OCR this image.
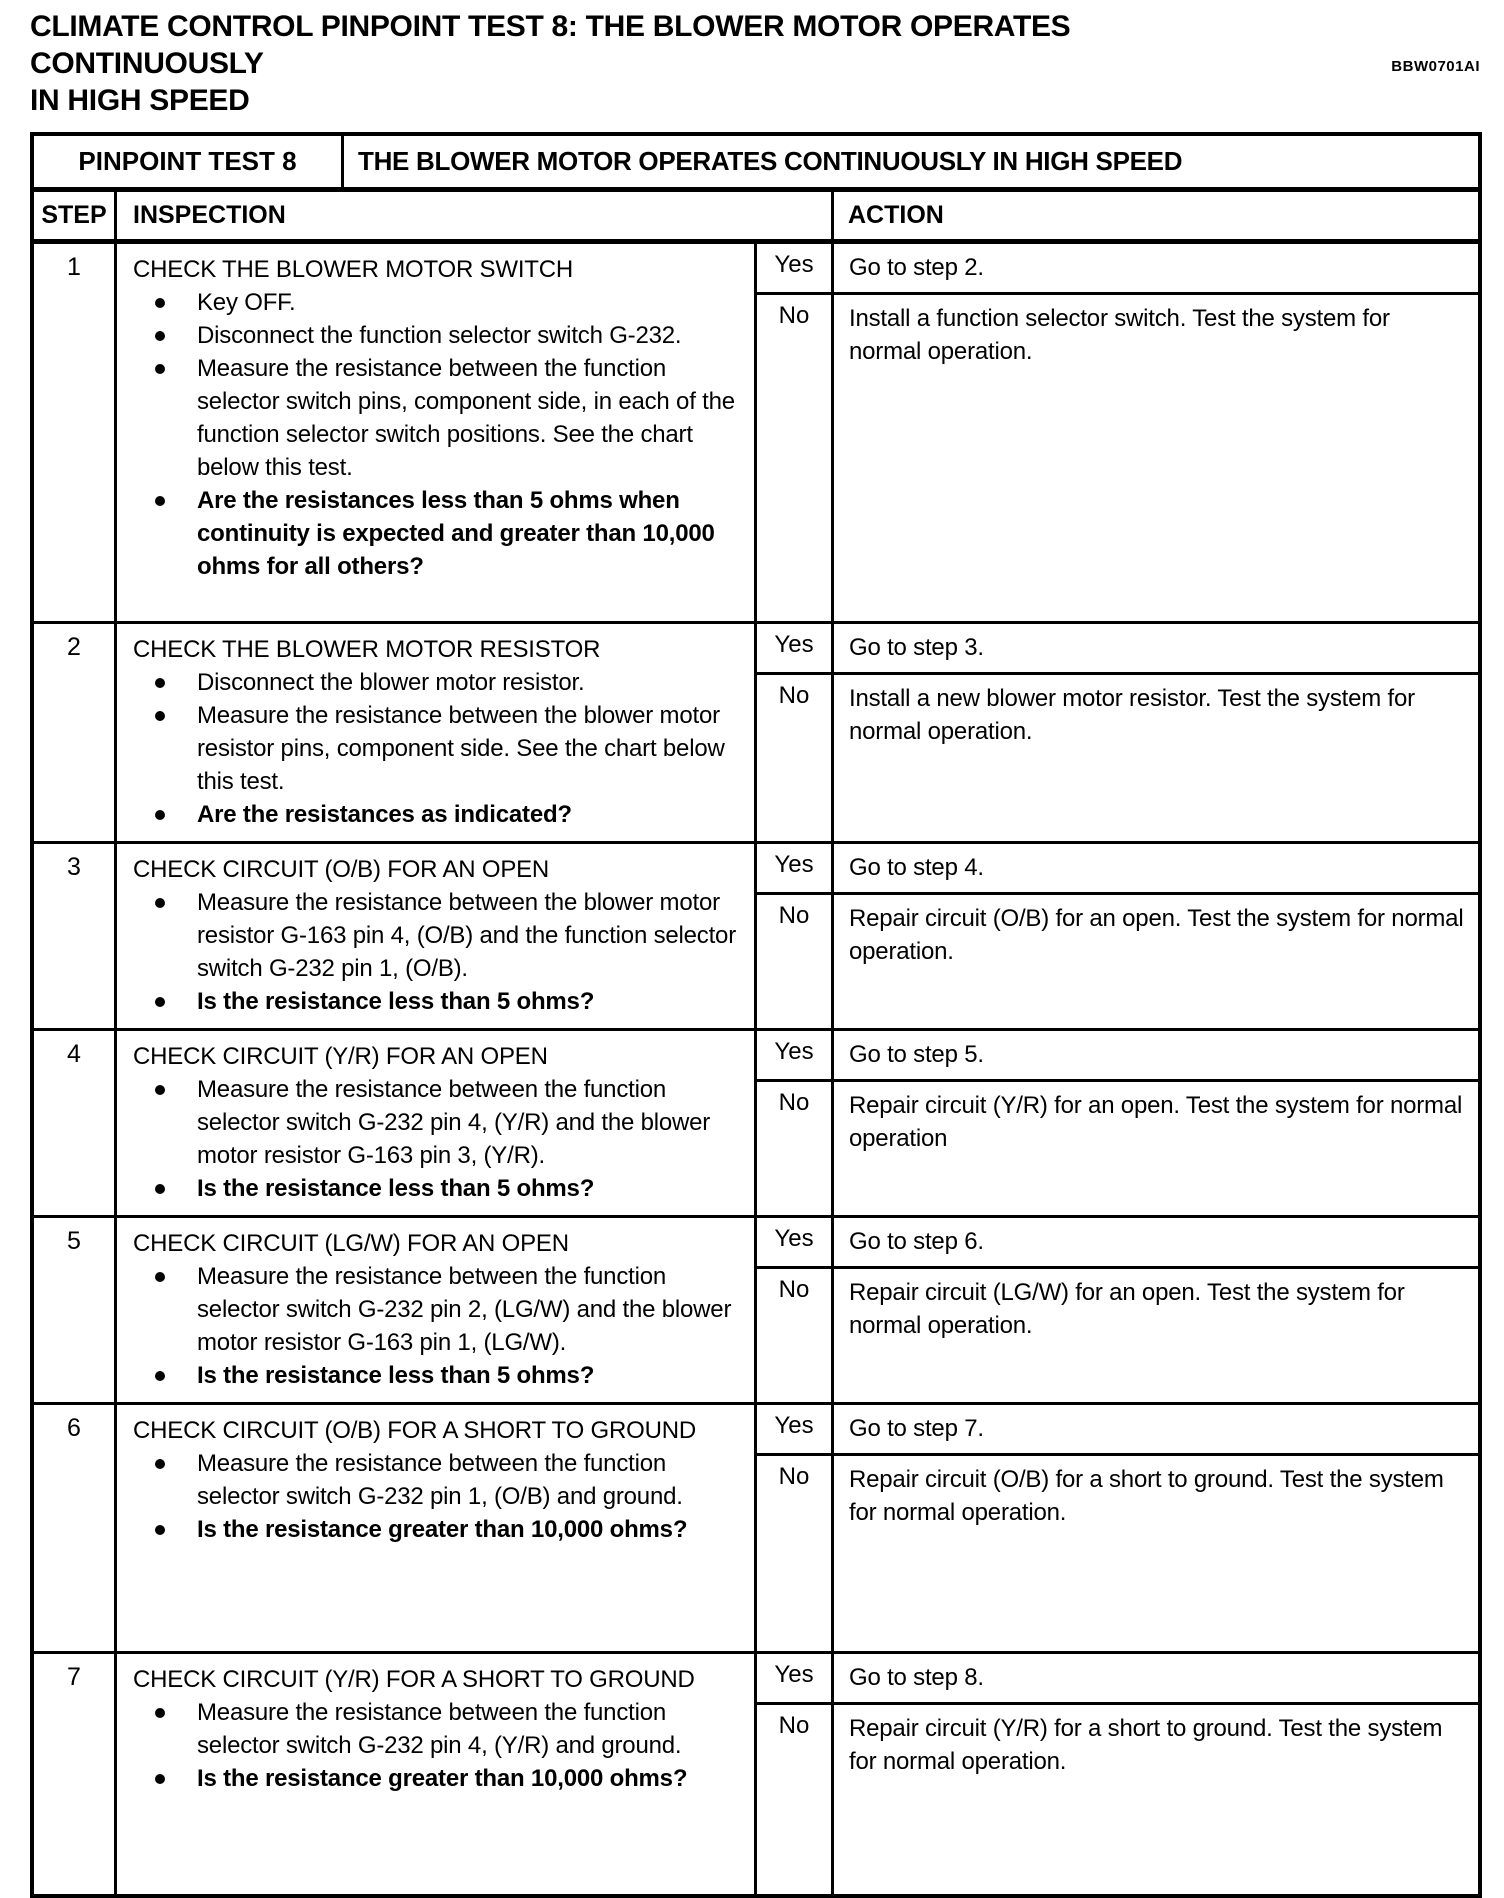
CLIMATE CONTROL PINPOINT TEST 8: THE BLOWER MOTOR OPERATES CONTINUOUSLY
IN HIGH SPEED
BBW0701AI
PINPOINT TEST 8	THE BLOWER MOTOR OPERATES CONTINUOUSLY IN HIGH SPEED
STEP	INSPECTION	ACTION
1	CHECK THE BLOWER MOTOR SWITCH
Key OFF.
Disconnect the function selector switch G-232.
Measure the resistance between the function selector switch pins, component side, in each of the function selector switch positions. See the chart below this test.
Are the resistances less than 5 ohms when continuity is expected and greater than 10,000 ohms for all others?
Yes	Go to step 2.
No	Install a function selector switch. Test the system for normal operation.
2	CHECK THE BLOWER MOTOR RESISTOR
Disconnect the blower motor resistor.
Measure the resistance between the blower motor resistor pins, component side. See the chart below this test.
Are the resistances as indicated?
Yes	Go to step 3.
No	Install a new blower motor resistor. Test the system for normal operation.
3	CHECK CIRCUIT (O/B) FOR AN OPEN
Measure the resistance between the blower motor resistor G-163 pin 4, (O/B) and the function selector switch G-232 pin 1, (O/B).
Is the resistance less than 5 ohms?
Yes	Go to step 4.
No	Repair circuit (O/B) for an open. Test the system for normal operation.
4	CHECK CIRCUIT (Y/R) FOR AN OPEN
Measure the resistance between the function selector switch G-232 pin 4, (Y/R) and the blower motor resistor G-163 pin 3, (Y/R).
Is the resistance less than 5 ohms?
Yes	Go to step 5.
No	Repair circuit (Y/R) for an open. Test the system for normal operation
5	CHECK CIRCUIT (LG/W) FOR AN OPEN
Measure the resistance between the function selector switch G-232 pin 2, (LG/W) and the blower motor resistor G-163 pin 1, (LG/W).
Is the resistance less than 5 ohms?
Yes	Go to step 6.
No	Repair circuit (LG/W) for an open. Test the system for normal operation.
6	CHECK CIRCUIT (O/B) FOR A SHORT TO GROUND
Measure the resistance between the function selector switch G-232 pin 1, (O/B) and ground.
Is the resistance greater than 10,000 ohms?
Yes	Go to step 7.
No	Repair circuit (O/B) for a short to ground. Test the system for normal operation.
7	CHECK CIRCUIT (Y/R) FOR A SHORT TO GROUND
Measure the resistance between the function selector switch G-232 pin 4, (Y/R) and ground.
Is the resistance greater than 10,000 ohms?
Yes	Go to step 8.
No	Repair circuit (Y/R) for a short to ground. Test the system for normal operation.
